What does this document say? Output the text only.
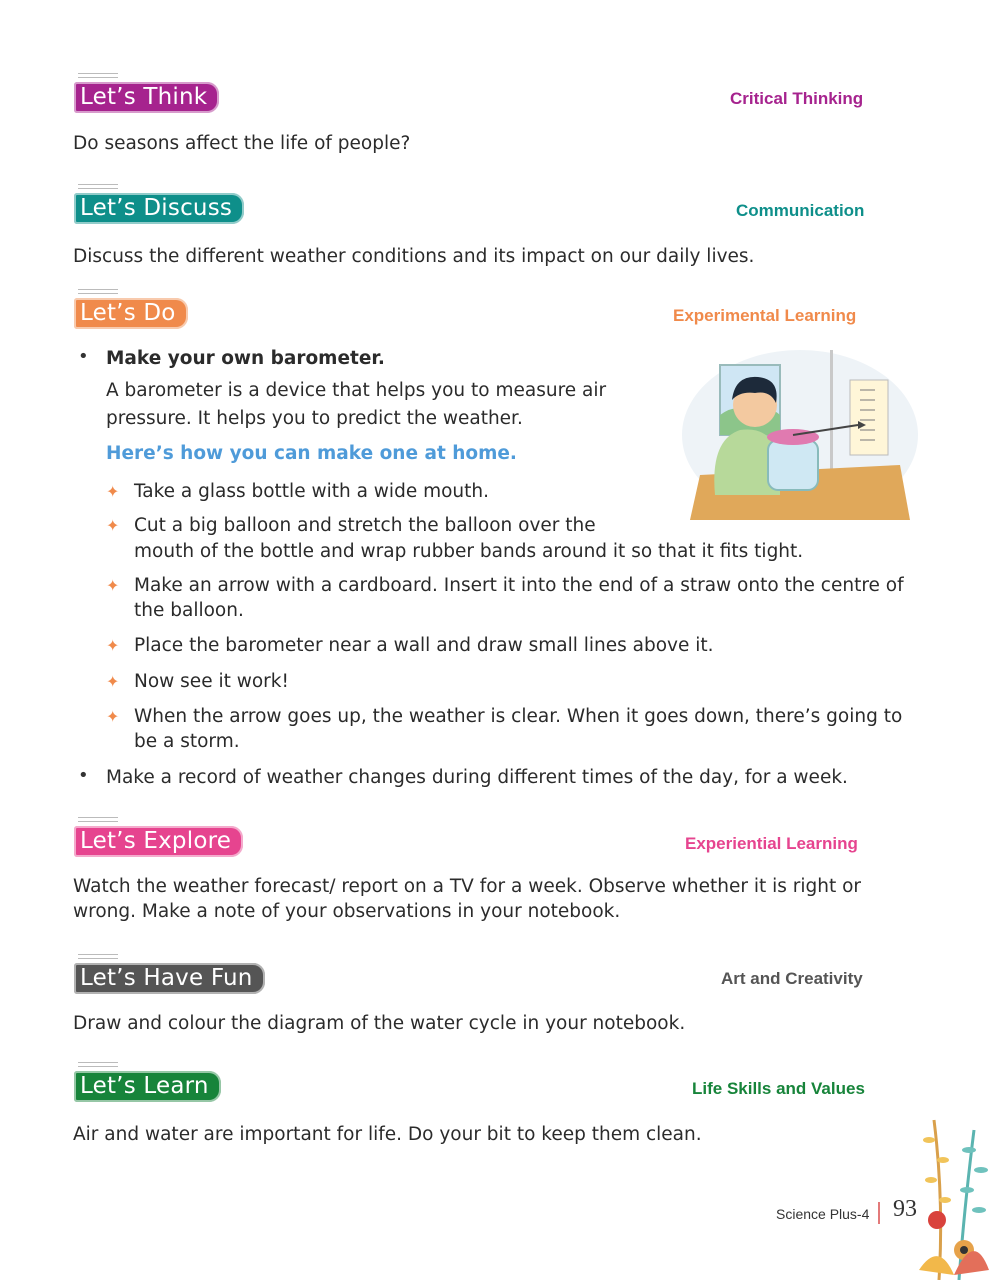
Let’s Think	Critical Thinking
Do seasons affect the life of people?
Let’s Discuss	Communication
Discuss the different weather conditions and its impact on our daily lives.
Let’s Do	Experimental Learning
• Make your own barometer.
A barometer is a device that helps you to measure air
pressure. It helps you to predict the weather.
Here’s how you can make one at home.
✦ Take a glass bottle with a wide mouth.
✦ Cut a big balloon and stretch the balloon over the
mouth of the bottle and wrap rubber bands around it so that it fits tight.
✦ Make an arrow with a cardboard. Insert it into the end of a straw onto the centre of the balloon.
✦ Place the barometer near a wall and draw small lines above it.
✦ Now see it work!
✦ When the arrow goes up, the weather is clear. When it goes down, there’s going to be a storm.
• Make a record of weather changes during different times of the day, for a week.
Let’s Explore	Experiential Learning
Watch the weather forecast/ report on a TV for a week. Observe whether it is right or wrong. Make a note of your observations in your notebook.
Let’s Have Fun	Art and Creativity
Draw and colour the diagram of the water cycle in your notebook.
Let’s Learn	Life Skills and Values
Air and water are important for life. Do your bit to keep them clean.
Science Plus-4 93
